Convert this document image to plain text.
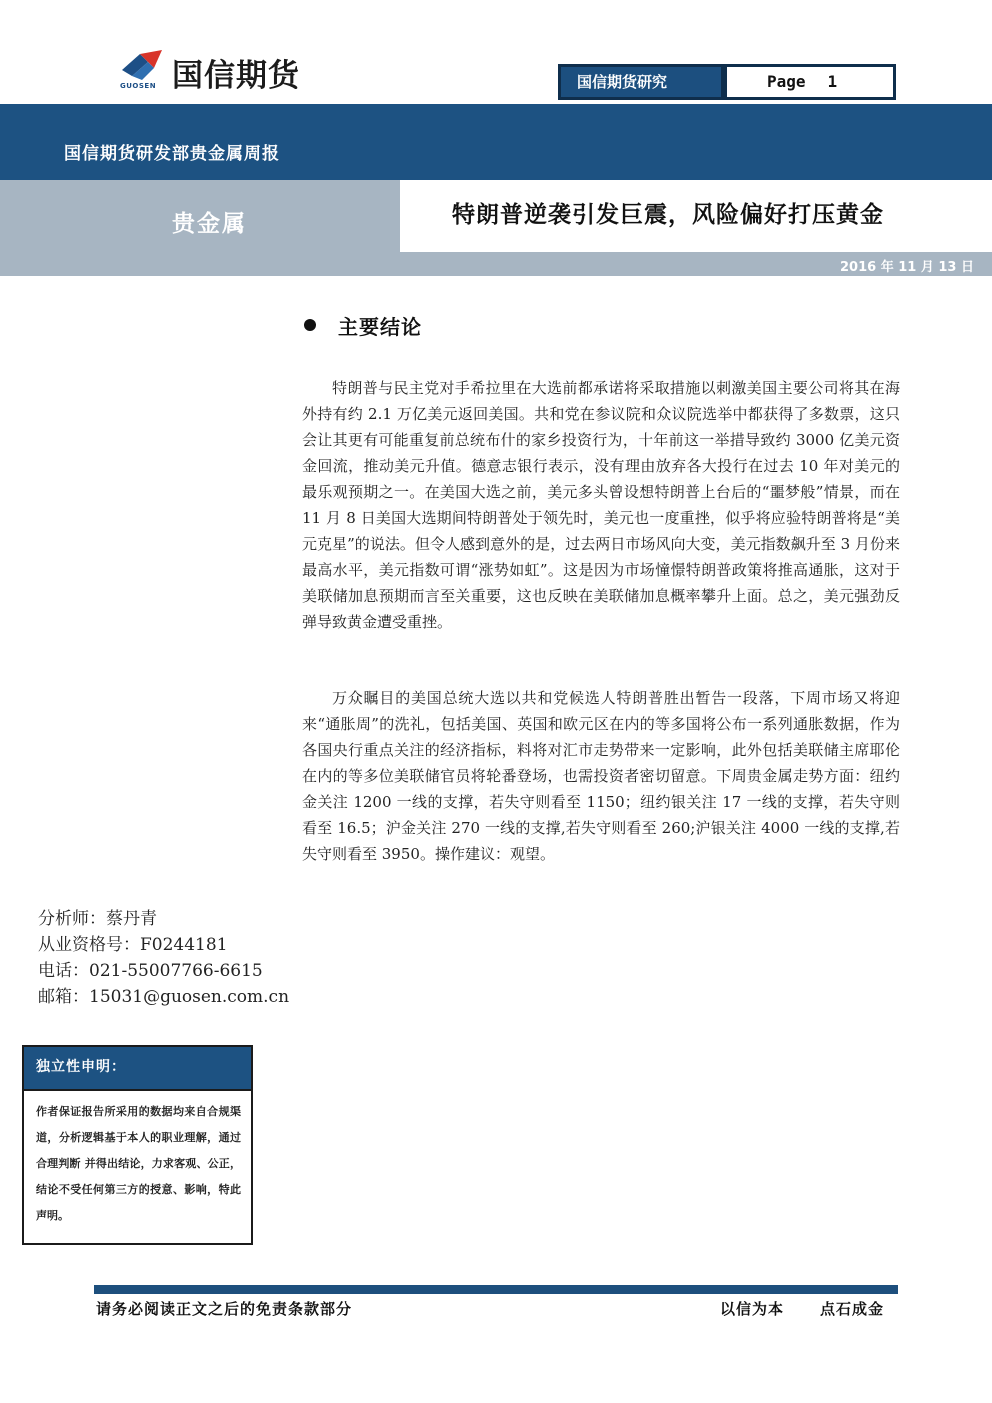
GUOSEN 国信期货	国信期货研究	Page 1
国信期货研发部贵金属周报
贵金属	特朗普逆袭引发巨震，风险偏好打压黄金
2016 年 11 月 13 日
主要结论

特朗普与民主党对手希拉里在大选前都承诺将采取措施以刺激美国主要公司将其在海外持有约 2.1 万亿美元返回美国。共和党在参议院和众议院选举中都获得了多数票，这只会让其更有可能重复前总统布什的家乡投资行为，十年前这一举措导致约 3000 亿美元资金回流，推动美元升值。德意志银行表示，没有理由放弃各大投行在过去 10 年对美元的最乐观预期之一。在美国大选之前，美元多头曾设想特朗普上台后的“噩梦般”情景，而在 11 月 8 日美国大选期间特朗普处于领先时，美元也一度重挫，似乎将应验特朗普将是“美元克星”的说法。但令人感到意外的是，过去两日市场风向大变，美元指数飙升至 3 月份来最高水平，美元指数可谓“涨势如虹”。这是因为市场憧憬特朗普政策将推高通胀，这对于美联储加息预期而言至关重要，这也反映在美联储加息概率攀升上面。总之，美元强劲反弹导致黄金遭受重挫。

万众瞩目的美国总统大选以共和党候选人特朗普胜出暂告一段落，下周市场又将迎来“通胀周”的洗礼，包括美国、英国和欧元区在内的等多国将公布一系列通胀数据，作为各国央行重点关注的经济指标，料将对汇市走势带来一定影响，此外包括美联储主席耶伦在内的等多位美联储官员将轮番登场，也需投资者密切留意。下周贵金属走势方面：纽约金关注 1200 一线的支撑，若失守则看至 1150；纽约银关注 17 一线的支撑，若失守则看至 16.5；沪金关注 270 一线的支撑,若失守则看至 260;沪银关注 4000 一线的支撑,若失守则看至 3950。操作建议：观望。

分析师：蔡丹青
从业资格号：F0244181
电话：021-55007766-6615
邮箱：15031@guosen.com.cn
独立性申明：
作者保证报告所采用的数据均来自合规渠道，分析逻辑基于本人的职业理解，通过合理判断 并得出结论，力求客观、公正，结论不受任何第三方的授意、影响，特此声明。
请务必阅读正文之后的免责条款部分	以信为本 点石成金
